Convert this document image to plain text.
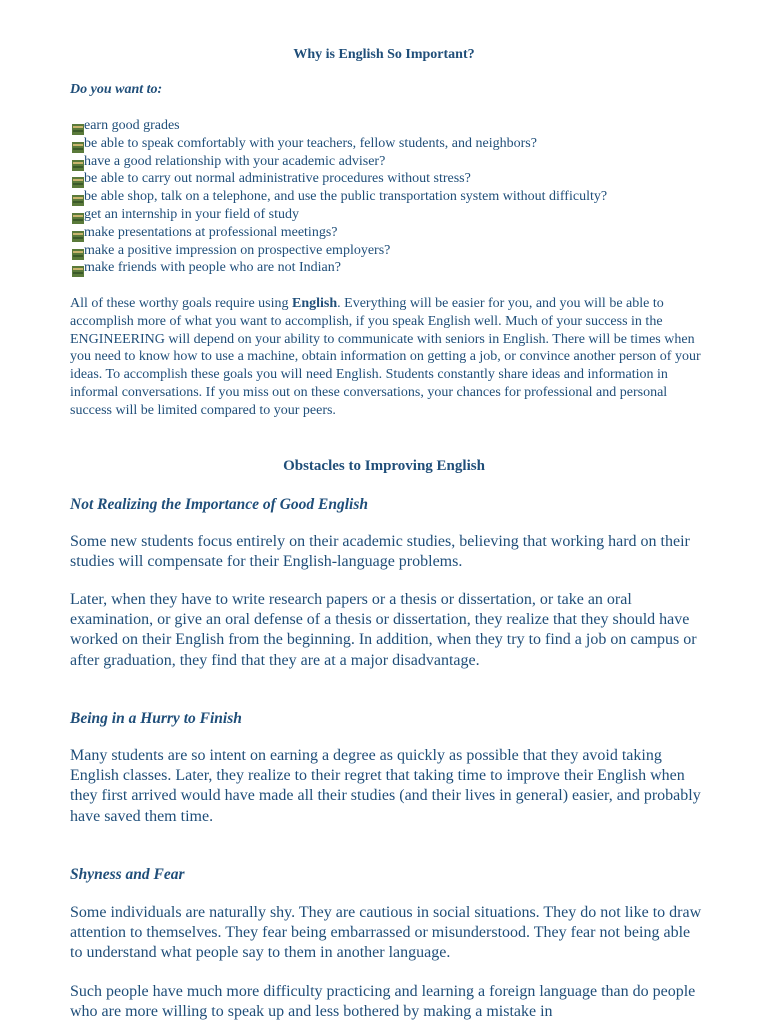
Why is English So Important?
Do you want to:
earn good grades
be able to speak comfortably with your teachers, fellow students, and neighbors?
have a good relationship with your academic adviser?
be able to carry out normal administrative procedures without stress?
be able shop, talk on a telephone, and use the public transportation system without difficulty?
get an internship in your field of study
make presentations at professional meetings?
make a positive impression on prospective employers?
make friends with people who are not Indian?

All of these worthy goals require using English. Everything will be easier for you, and you will be able to accomplish more of what you want to accomplish, if you speak English well. Much of your success in the ENGINEERING will depend on your ability to communicate with seniors in English. There will be times when you need to know how to use a machine, obtain information on getting a job, or convince another person of your ideas. To accomplish these goals you will need English. Students constantly share ideas and information in informal conversations. If you miss out on these conversations, your chances for professional and personal success will be limited compared to your peers.

Obstacles to Improving English
Not Realizing the Importance of Good English

Some new students focus entirely on their academic studies, believing that working hard on their studies will compensate for their English-language problems.

Later, when they have to write research papers or a thesis or dissertation, or take an oral examination, or give an oral defense of a thesis or dissertation, they realize that they should have worked on their English from the beginning. In addition, when they try to find a job on campus or after graduation, they find that they are at a major disadvantage.

Being in a Hurry to Finish

Many students are so intent on earning a degree as quickly as possible that they avoid taking English classes. Later, they realize to their regret that taking time to improve their English when they first arrived would have made all their studies (and their lives in general) easier, and probably have saved them time.

Shyness and Fear

Some individuals are naturally shy. They are cautious in social situations. They do not like to draw attention to themselves. They fear being embarrassed or misunderstood. They fear not being able to understand what people say to them in another language.

Such people have much more difficulty practicing and learning a foreign language than do people who are more willing to speak up and less bothered by making a mistake in
